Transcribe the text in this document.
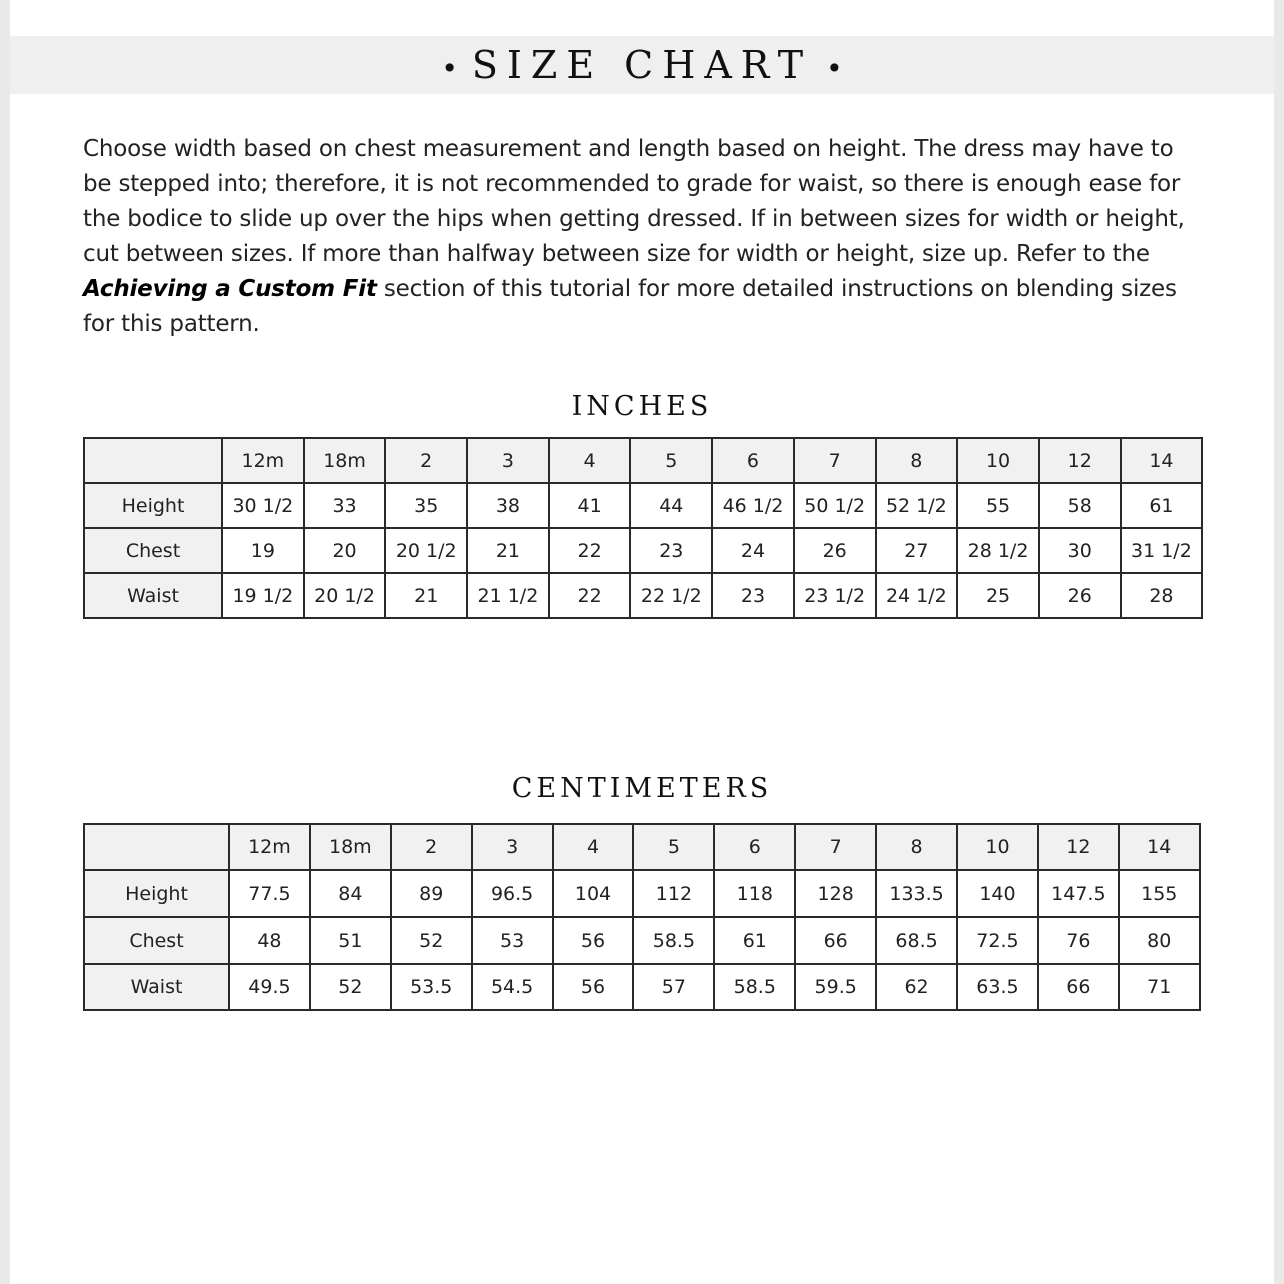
• SIZE CHART •

Choose width based on chest measurement and length based on height. The dress may have to be stepped into; therefore, it is not recommended to grade for waist, so there is enough ease for the bodice to slide up over the hips when getting dressed. If in between sizes for width or height, cut between sizes. If more than halfway between size for width or height, size up. Refer to the Achieving a Custom Fit section of this tutorial for more detailed instructions on blending sizes for this pattern.

INCHES
	12m	18m	2	3	4	5	6	7	8	10	12	14
Height	30 1/2	33	35	38	41	44	46 1/2	50 1/2	52 1/2	55	58	61
Chest	19	20	20 1/2	21	22	23	24	26	27	28 1/2	30	31 1/2
Waist	19 1/2	20 1/2	21	21 1/2	22	22 1/2	23	23 1/2	24 1/2	25	26	28
CENTIMETERS
	12m	18m	2	3	4	5	6	7	8	10	12	14
Height	77.5	84	89	96.5	104	112	118	128	133.5	140	147.5	155
Chest	48	51	52	53	56	58.5	61	66	68.5	72.5	76	80
Waist	49.5	52	53.5	54.5	56	57	58.5	59.5	62	63.5	66	71
